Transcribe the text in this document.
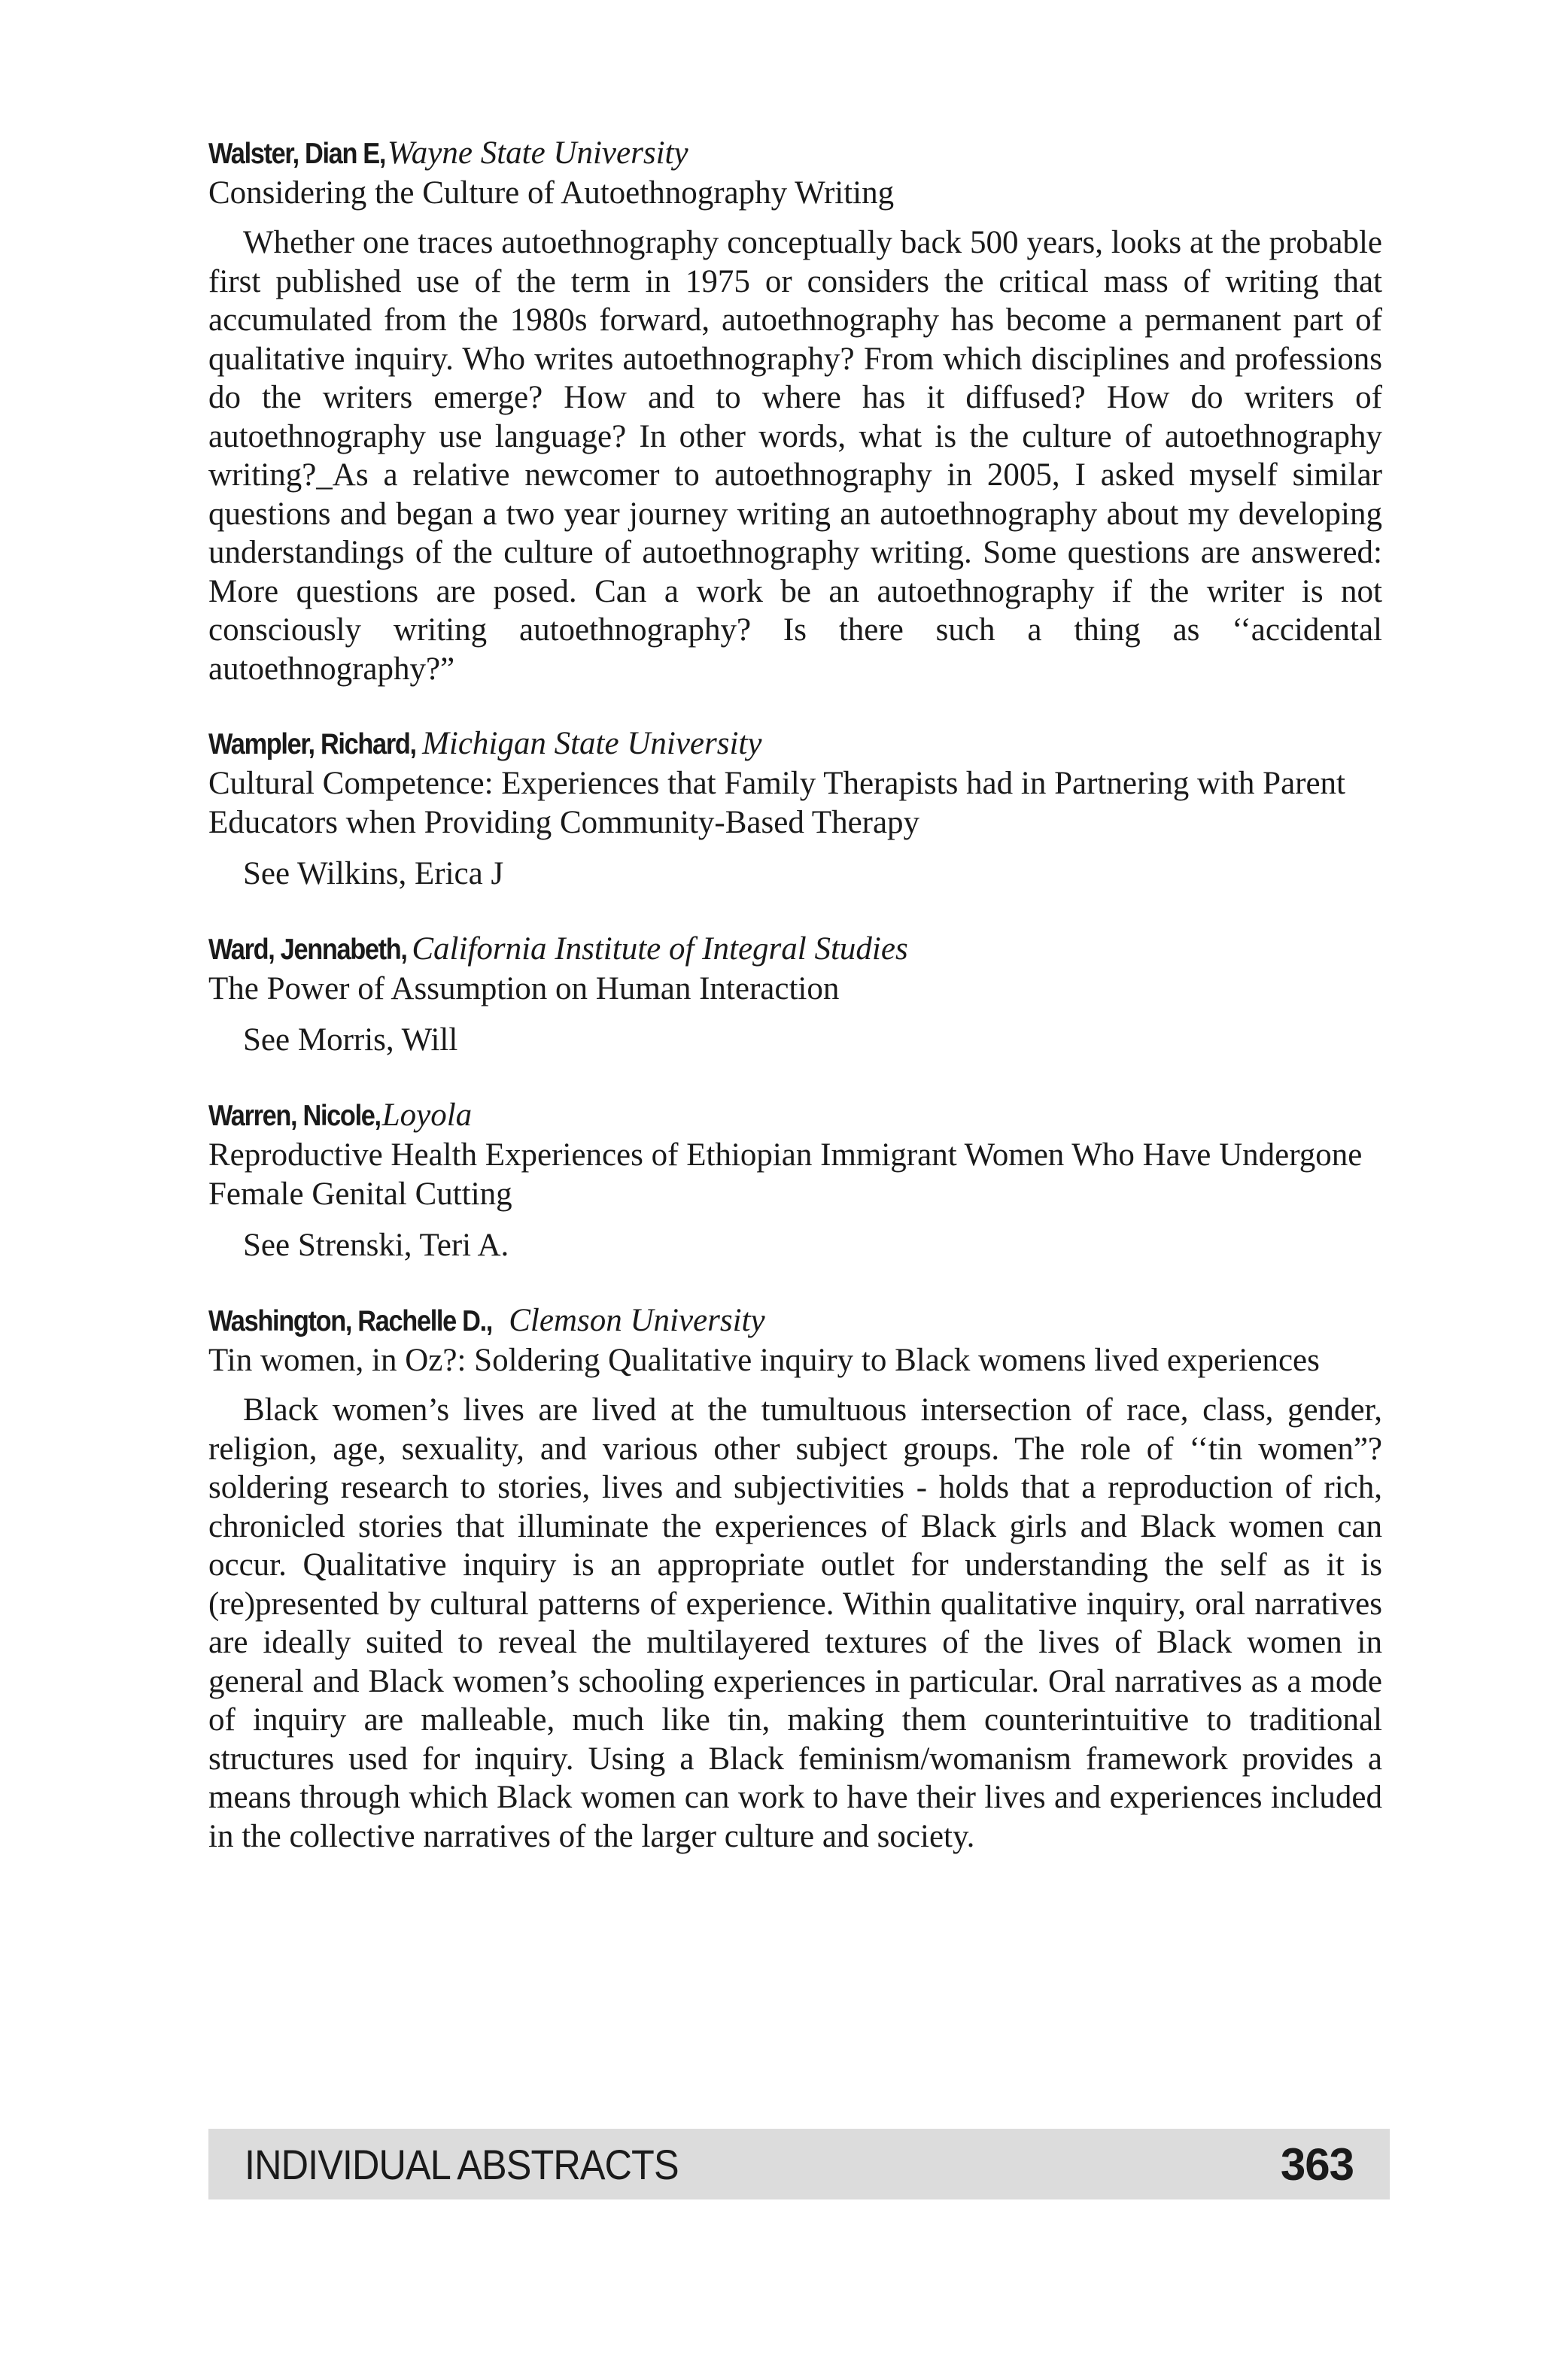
Walster, Dian E, Wayne State University

Considering the Culture of Autoethnography Writing

Whether one traces autoethnography conceptually back 500 years, looks at the probable first published use of the term in 1975 or considers the critical mass of writing that accumulated from the 1980s forward, autoethnography has become a permanent part of qualitative inquiry. Who writes autoethnography? From which disciplines and professions do the writers emerge? How and to where has it diffused? How do writers of autoethnography use language? In other words, what is the culture of autoethnography writing?_As a relative newcomer to autoethnography in 2005, I asked myself similar questions and began a two year journey writing an autoethnography about my developing understandings of the culture of autoethnography writing. Some questions are answered: More questions are posed. Can a work be an autoethnography if the writer is not consciously writing autoethnography? Is there such a thing as ‘‘accidental autoethnography?”

Wampler, Richard, Michigan State University

Cultural Competence: Experiences that Family Therapists had in Partnering with Parent Educators when Providing Community-Based Therapy

See Wilkins, Erica J

Ward, Jennabeth, California Institute of Integral Studies

The Power of Assumption on Human Interaction

See Morris, Will

Warren, Nicole, Loyola

Reproductive Health Experiences of Ethiopian Immigrant Women Who Have Undergone Female Genital Cutting

See Strenski, Teri A.

Washington, Rachelle D., Clemson University

Tin women, in Oz?: Soldering Qualitative inquiry to Black womens lived experiences

Black women’s lives are lived at the tumultuous intersection of race, class, gender, religion, age, sexuality, and various other subject groups. The role of ‘‘tin women”?soldering research to stories, lives and subjectivities - holds that a reproduction of rich, chronicled stories that illuminate the experiences of Black girls and Black women can occur. Qualitative inquiry is an appropriate outlet for understanding the self as it is (re)presented by cultural patterns of experience. Within qualitative inquiry, oral narratives are ideally suited to reveal the multilayered textures of the lives of Black women in general and Black women’s schooling experiences in particular. Oral narratives as a mode of inquiry are malleable, much like tin, making them counterintuitive to traditional structures used for inquiry. Using a Black feminism/womanism framework provides a means through which Black women can work to have their lives and experiences included in the collective narratives of the larger culture and society.

INDIVIDUAL ABSTRACTS	363
